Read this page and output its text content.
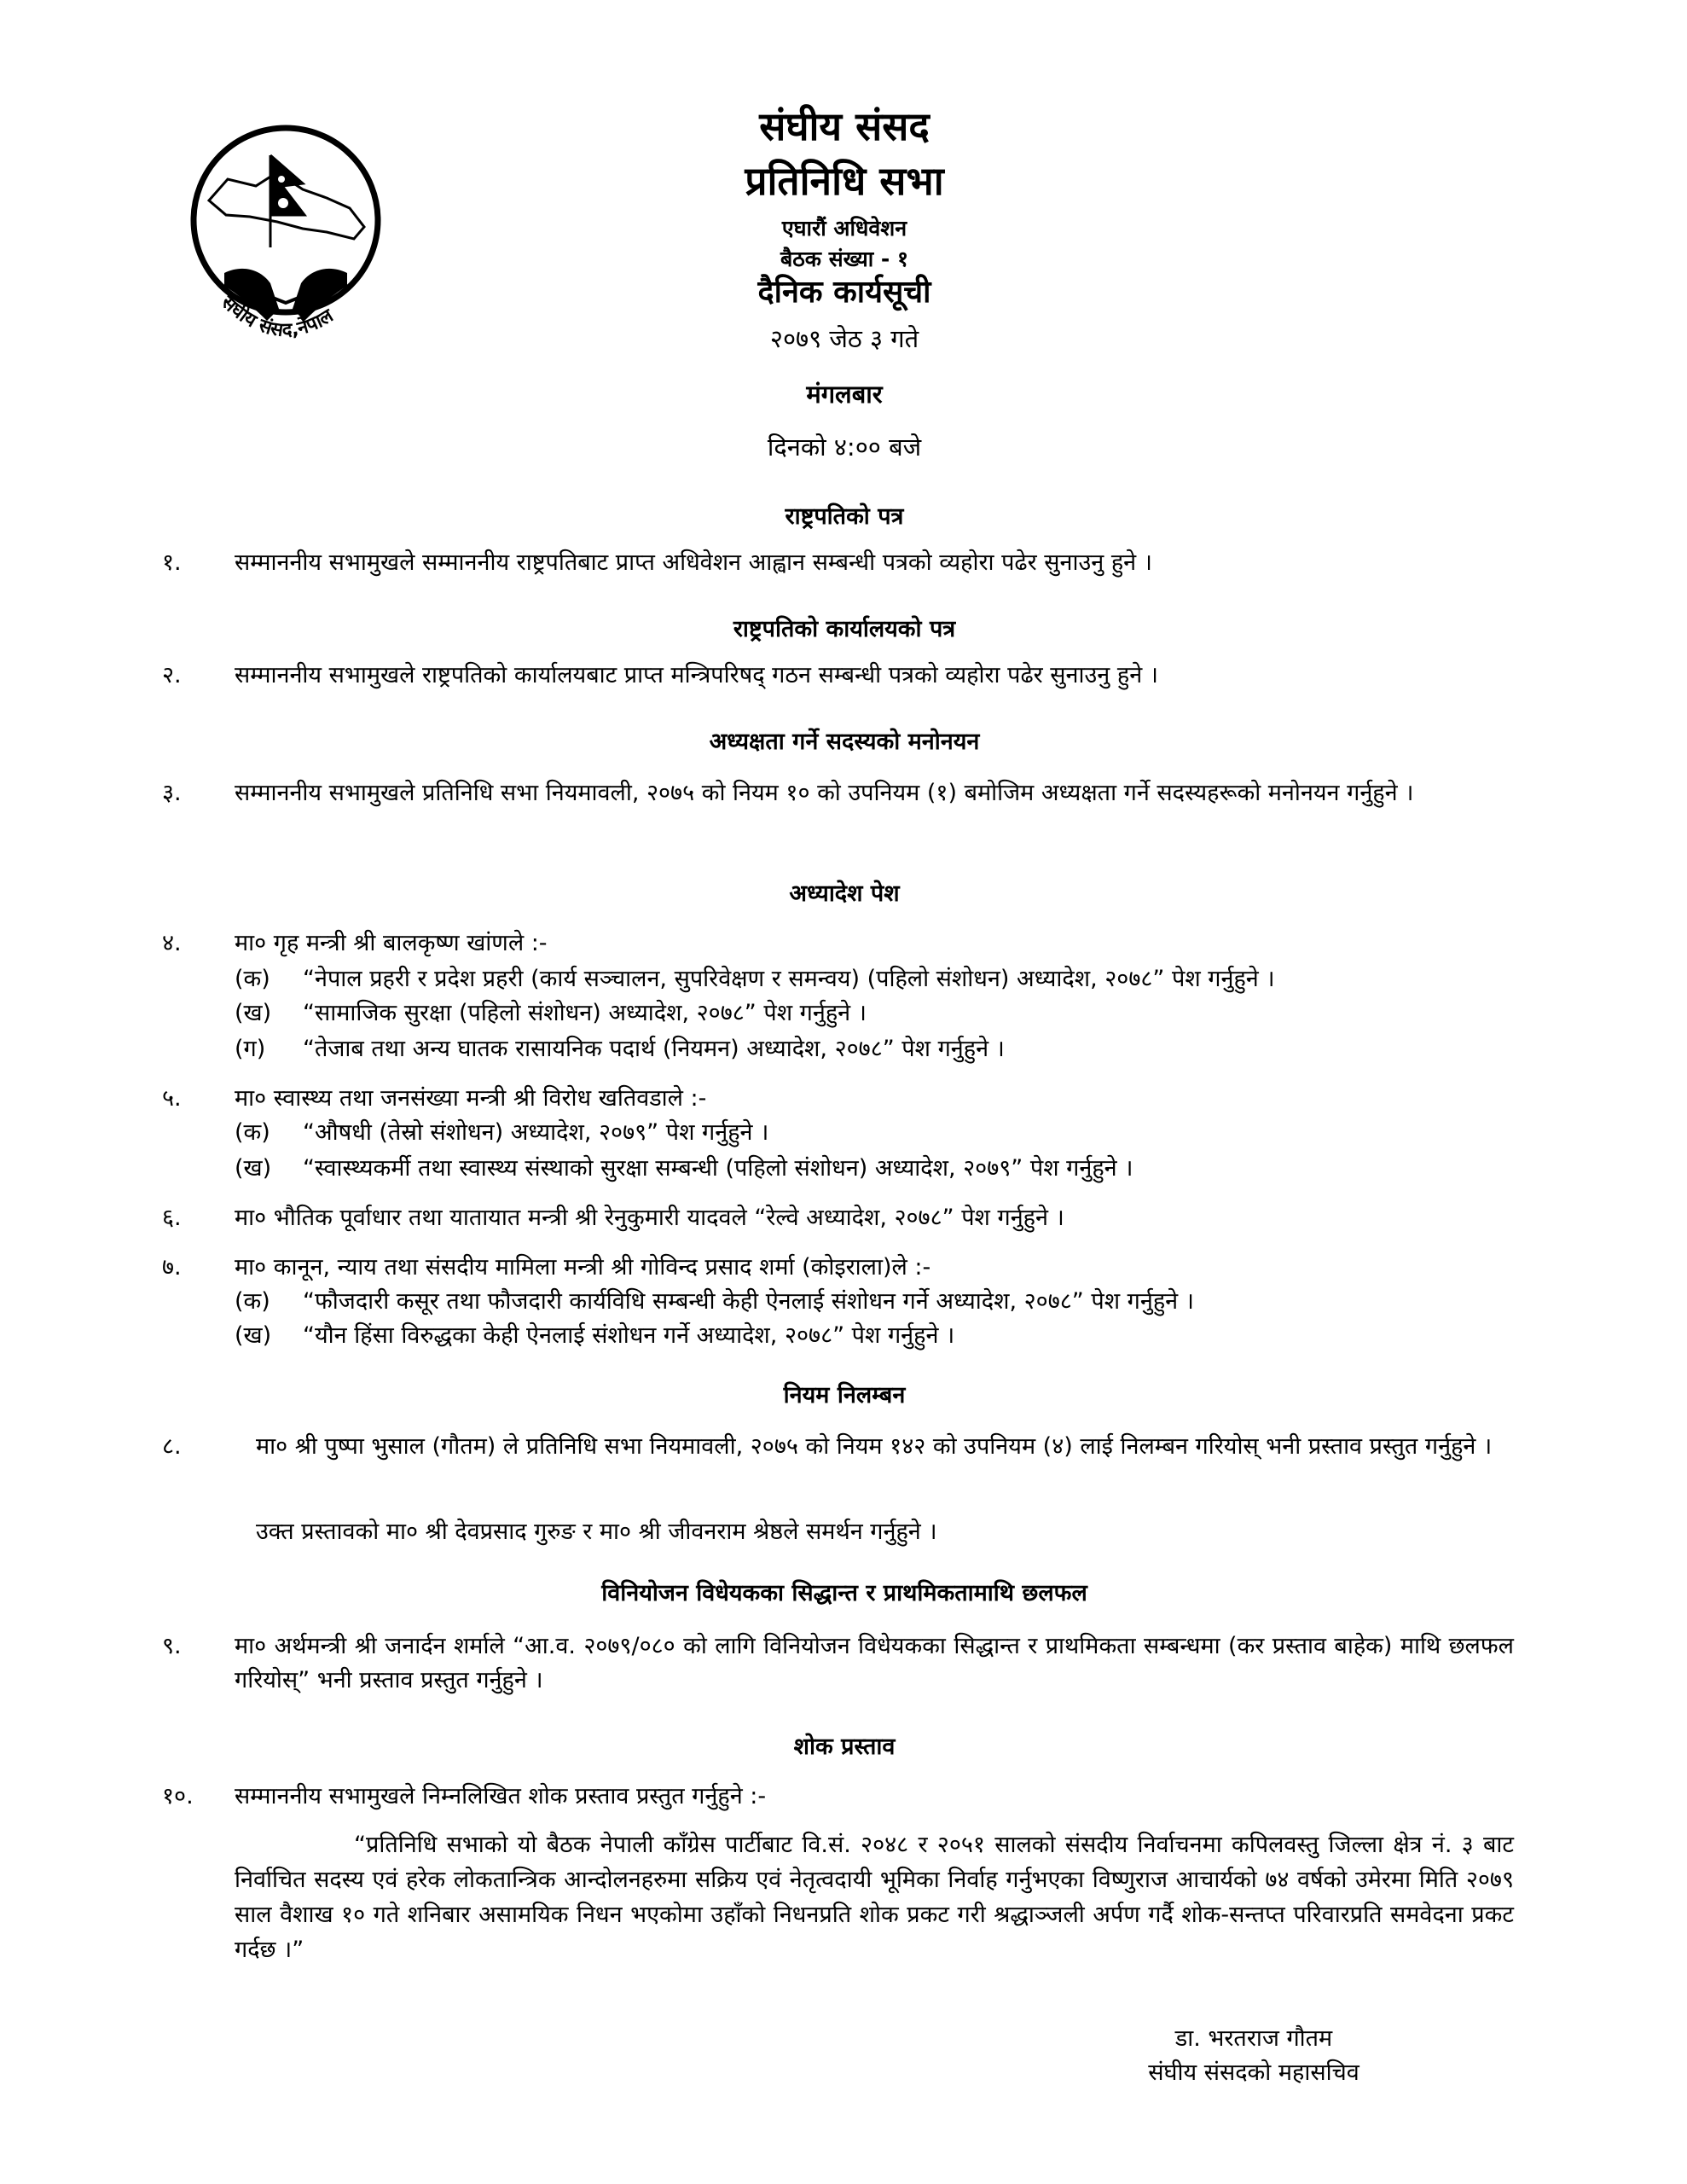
संघीय संसद,नेपाल
संघीय संसद
प्रतिनिधि सभा
एघारौं अधिवेशन
बैठक संख्या - १
दैनिक कार्यसूची
२०७९ जेठ ३ गते
मंगलबार
दिनको ४:०० बजे
राष्ट्रपतिको पत्र
१. सम्माननीय सभामुखले सम्माननीय राष्ट्रपतिबाट प्राप्त अधिवेशन आह्वान सम्बन्धी पत्रको व्यहोरा पढेर सुनाउनु हुने ।
राष्ट्रपतिको कार्यालयको पत्र
२. सम्माननीय सभामुखले राष्ट्रपतिको कार्यालयबाट प्राप्त मन्त्रिपरिषद् गठन सम्बन्धी पत्रको व्यहोरा पढेर सुनाउनु हुने ।
अध्यक्षता गर्ने सदस्यको मनोनयन
३. सम्माननीय सभामुखले प्रतिनिधि सभा नियमावली, २०७५ को नियम १० को उपनियम (१) बमोजिम अध्यक्षता गर्ने सदस्यहरूको मनोनयन गर्नुहुने ।
अध्यादेश पेश
४. मा० गृह मन्त्री श्री बालकृष्ण खांणले :-
(क) “नेपाल प्रहरी र प्रदेश प्रहरी (कार्य सञ्चालन, सुपरिवेक्षण र समन्वय) (पहिलो संशोधन) अध्यादेश, २०७८” पेश गर्नुहुने ।
(ख) “सामाजिक सुरक्षा (पहिलो संशोधन) अध्यादेश, २०७८” पेश गर्नुहुने ।
(ग) “तेजाब तथा अन्य घातक रासायनिक पदार्थ (नियमन) अध्यादेश, २०७८” पेश गर्नुहुने ।
५. मा० स्वास्थ्य तथा जनसंख्या मन्त्री श्री विरोध खतिवडाले :-
(क) “औषधी (तेस्रो संशोधन) अध्यादेश, २०७९” पेश गर्नुहुने ।
(ख) “स्वास्थ्यकर्मी तथा स्वास्थ्य संस्थाको सुरक्षा सम्बन्धी (पहिलो संशोधन) अध्यादेश, २०७९” पेश गर्नुहुने ।
६. मा० भौतिक पूर्वाधार तथा यातायात मन्त्री श्री रेनुकुमारी यादवले “रेल्वे अध्यादेश, २०७८” पेश गर्नुहुने ।
७. मा० कानून, न्याय तथा संसदीय मामिला मन्त्री श्री गोविन्द प्रसाद शर्मा (कोइराला)ले :-
(क) “फौजदारी कसूर तथा फौजदारी कार्यविधि सम्बन्धी केही ऐनलाई संशोधन गर्ने अध्यादेश, २०७८” पेश गर्नुहुने ।
(ख) “यौन हिंसा विरुद्धका केही ऐनलाई संशोधन गर्ने अध्यादेश, २०७८” पेश गर्नुहुने ।
नियम निलम्बन
८.	मा० श्री पुष्पा भुसाल (गौतम) ले प्रतिनिधि सभा नियमावली, २०७५ को नियम १४२ को उपनियम (४) लाई निलम्बन गरियोस् भनी प्रस्ताव प्रस्तुत गर्नुहुने ।
उक्त प्रस्तावको मा० श्री देवप्रसाद गुरुङ र मा० श्री जीवनराम श्रेष्ठले समर्थन गर्नुहुने ।
विनियोजन विधेयकका सिद्धान्त र प्राथमिकतामाथि छलफल
९. मा० अर्थमन्त्री श्री जनार्दन शर्माले “आ.व. २०७९/०८० को लागि विनियोजन विधेयकका सिद्धान्त र प्राथमिकता सम्बन्धमा (कर प्रस्ताव बाहेक) माथि छलफल गरियोस्” भनी प्रस्ताव प्रस्तुत गर्नुहुने ।
शोक प्रस्ताव
१०. सम्माननीय सभामुखले निम्नलिखित शोक प्रस्ताव प्रस्तुत गर्नुहुने :-
“प्रतिनिधि सभाको यो बैठक नेपाली काँग्रेस पार्टीबाट वि.सं. २०४८ र २०५१ सालको संसदीय निर्वाचनमा कपिलवस्तु जिल्ला क्षेत्र नं. ३ बाट निर्वाचित सदस्य एवं हरेक लोकतान्त्रिक आन्दोलनहरुमा सक्रिय एवं नेतृत्वदायी भूमिका निर्वाह गर्नुभएका विष्णुराज आचार्यको ७४ वर्षको उमेरमा मिति २०७९ साल वैशाख १० गते शनिबार असामयिक निधन भएकोमा उहाँको निधनप्रति शोक प्रकट गरी श्रद्धाञ्जली अर्पण गर्दै शोक-सन्तप्त परिवारप्रति समवेदना प्रकट गर्दछ ।”
डा. भरतराज गौतम
संघीय संसदको महासचिव
